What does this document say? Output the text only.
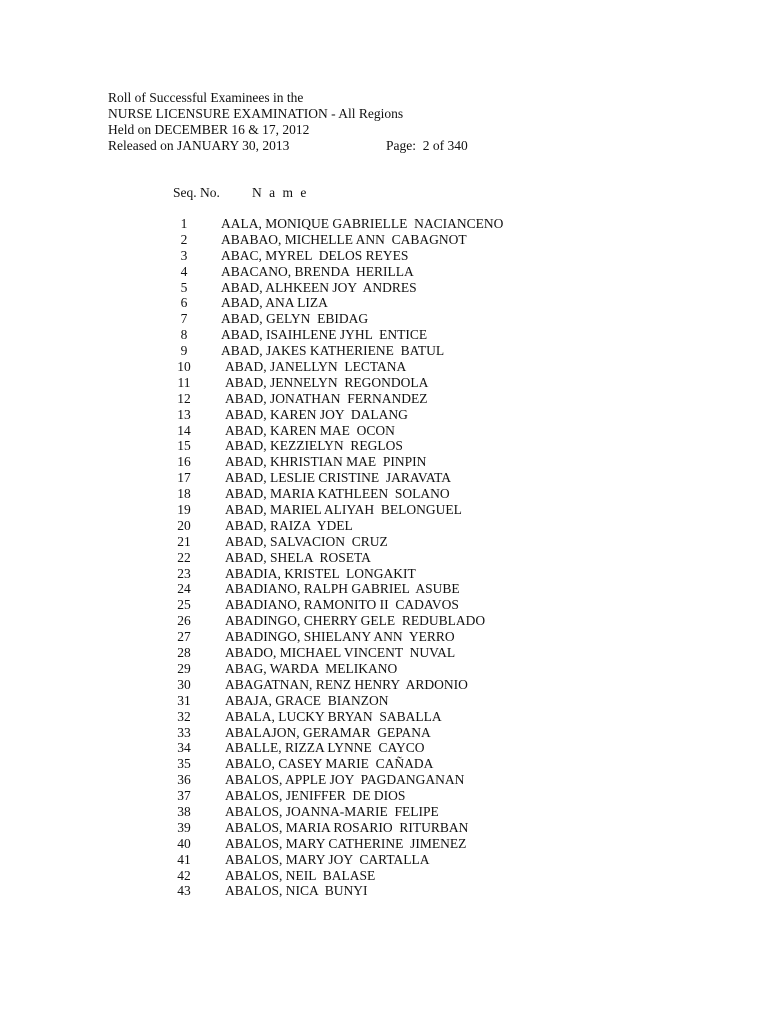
Roll of Successful Examinees in the
NURSE LICENSURE EXAMINATION - All Regions
Held on DECEMBER 16 & 17, 2012
Released on JANUARY 30, 2013	Page:  2 of 340
Seq. No. N a m e
1	AALA, MONIQUE GABRIELLE  NACIANCENO
2	ABABAO, MICHELLE ANN  CABAGNOT
3	ABAC, MYREL  DELOS REYES
4	ABACANO, BRENDA  HERILLA
5	ABAD, ALHKEEN JOY  ANDRES
6	ABAD, ANA LIZA
7	ABAD, GELYN  EBIDAG
8	ABAD, ISAIHLENE JYHL  ENTICE
9	ABAD, JAKES KATHERIENE  BATUL
10	ABAD, JANELLYN  LECTANA
11	ABAD, JENNELYN  REGONDOLA
12	ABAD, JONATHAN  FERNANDEZ
13	ABAD, KAREN JOY  DALANG
14	ABAD, KAREN MAE  OCON
15	ABAD, KEZZIELYN  REGLOS
16	ABAD, KHRISTIAN MAE  PINPIN
17	ABAD, LESLIE CRISTINE  JARAVATA
18	ABAD, MARIA KATHLEEN  SOLANO
19	ABAD, MARIEL ALIYAH  BELONGUEL
20	ABAD, RAIZA  YDEL
21	ABAD, SALVACION  CRUZ
22	ABAD, SHELA  ROSETA
23	ABADIA, KRISTEL  LONGAKIT
24	ABADIANO, RALPH GABRIEL  ASUBE
25	ABADIANO, RAMONITO II  CADAVOS
26	ABADINGO, CHERRY GELE  REDUBLADO
27	ABADINGO, SHIELANY ANN  YERRO
28	ABADO, MICHAEL VINCENT  NUVAL
29	ABAG, WARDA  MELIKANO
30	ABAGATNAN, RENZ HENRY  ARDONIO
31	ABAJA, GRACE  BIANZON
32	ABALA, LUCKY BRYAN  SABALLA
33	ABALAJON, GERAMAR  GEPANA
34	ABALLE, RIZZA LYNNE  CAYCO
35	ABALO, CASEY MARIE  CAÑADA
36	ABALOS, APPLE JOY  PAGDANGANAN
37	ABALOS, JENIFFER  DE DIOS
38	ABALOS, JOANNA-MARIE  FELIPE
39	ABALOS, MARIA ROSARIO  RITURBAN
40	ABALOS, MARY CATHERINE  JIMENEZ
41	ABALOS, MARY JOY  CARTALLA
42	ABALOS, NEIL  BALASE
43	ABALOS, NICA  BUNYI
